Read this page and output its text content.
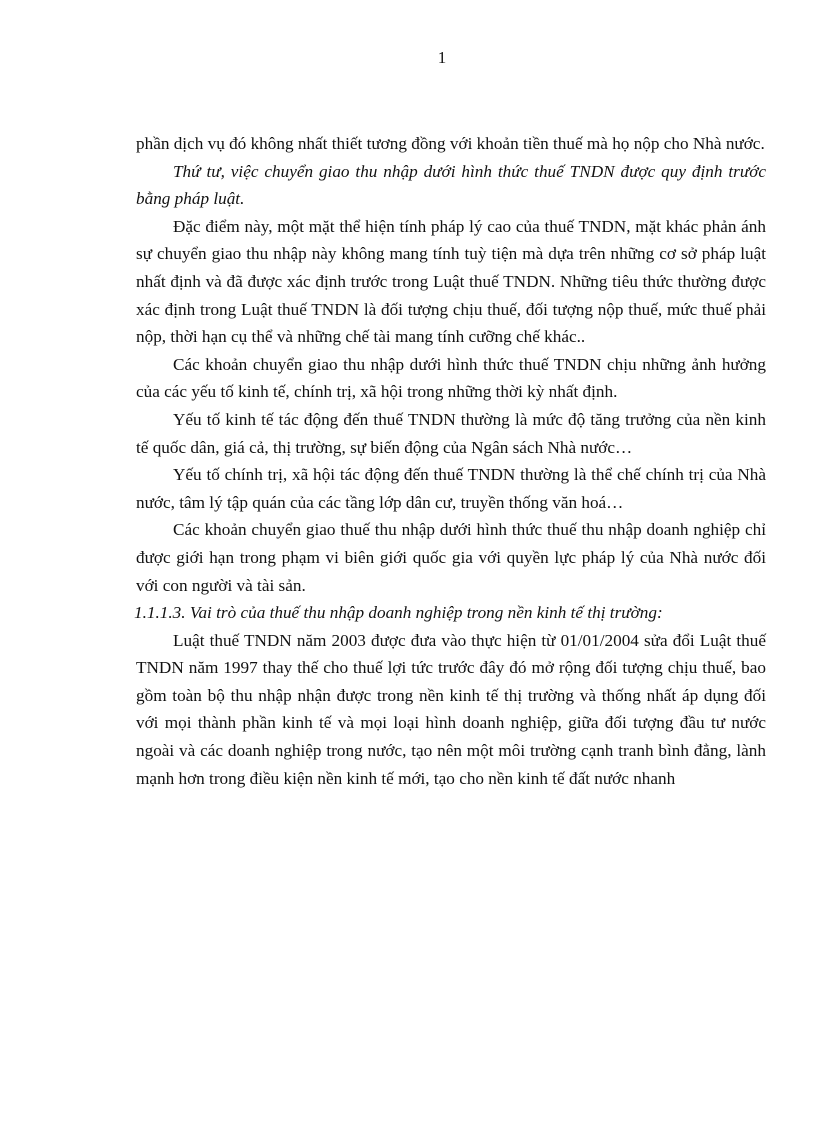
1

phần dịch vụ đó không nhất thiết tương đồng với khoản tiền thuế mà họ nộp cho Nhà nước.

Thứ tư, việc chuyển giao thu nhập dưới hình thức thuế TNDN được quy định trước bằng pháp luật.

Đặc điểm này, một mặt thể hiện tính pháp lý cao của thuế TNDN, mặt khác phản ánh sự chuyển giao thu nhập này không mang tính tuỳ tiện mà dựa trên những cơ sở pháp luật nhất định và đã được xác định trước trong Luật thuế TNDN. Những tiêu thức thường được xác định trong Luật thuế TNDN là đối tượng chịu thuế, đối tượng nộp thuế, mức thuế phải nộp, thời hạn cụ thể và những chế tài mang tính cưỡng chế khác..

Các khoản chuyển giao thu nhập dưới hình thức thuế TNDN chịu những ảnh hưởng của các yếu tố kinh tế, chính trị, xã hội trong những thời kỳ nhất định.

Yếu tố kinh tế tác động đến thuế TNDN thường là mức độ tăng trưởng của nền kinh tế quốc dân, giá cả, thị trường, sự biến động của Ngân sách Nhà nước…

Yếu tố chính trị, xã hội tác động đến thuế TNDN thường là thể chế chính trị của Nhà nước, tâm lý tập quán của các tầng lớp dân cư, truyền thống văn hoá…

Các khoản chuyển giao thuế thu nhập dưới hình thức thuế thu nhập doanh nghiệp chỉ được giới hạn trong phạm vi biên giới quốc gia với quyền lực pháp lý của Nhà nước đối với con người và tài sản.

1.1.1.3. Vai trò của thuế thu nhập doanh nghiệp trong nền kinh tế thị trường:

Luật thuế TNDN năm 2003 được đưa vào thực hiện từ 01/01/2004 sửa đổi Luật thuế TNDN năm 1997 thay thế cho thuế lợi tức trước đây đó mở rộng đối tượng chịu thuế, bao gồm toàn bộ thu nhập nhận được trong nền kinh tế thị trường và thống nhất áp dụng đối với mọi thành phần kinh tế và mọi loại hình doanh nghiệp, giữa đối tượng đầu tư nước ngoài và các doanh nghiệp trong nước, tạo nên một môi trường cạnh tranh bình đẳng, lành mạnh hơn trong điều kiện nền kinh tế mới, tạo cho nền kinh tế đất nước nhanh
